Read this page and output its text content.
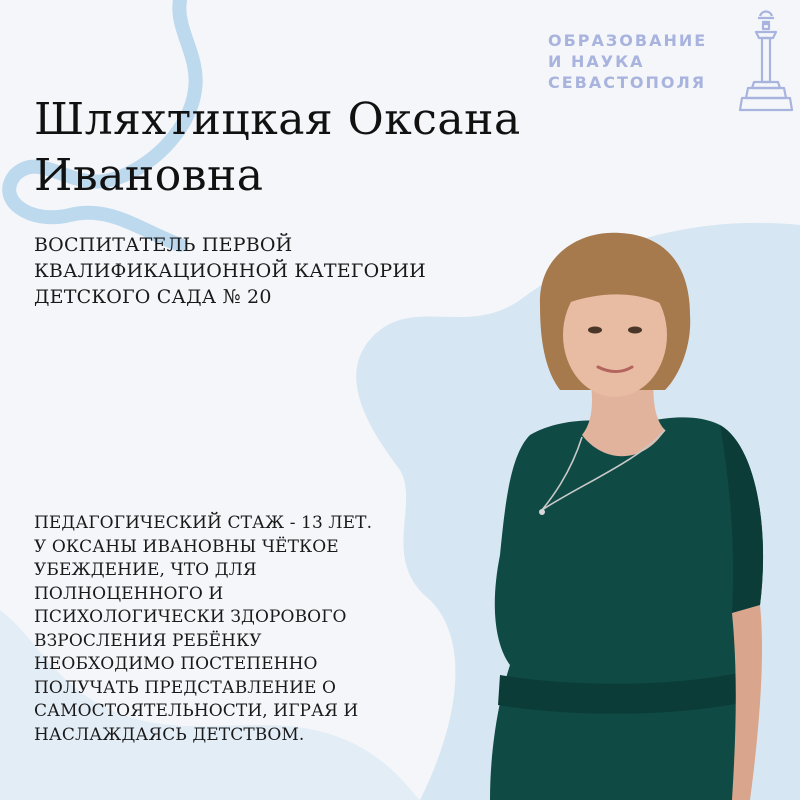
ОБРАЗОВАНИЕ
И НАУКА
СЕВАСТОПОЛЯ
Шляхтицкая Оксана
Ивановна
ВОСПИТАТЕЛЬ ПЕРВОЙ
КВАЛИФИКАЦИОННОЙ КАТЕГОРИИ
ДЕТСКОГО САДА № 20
ПЕДАГОГИЧЕСКИЙ СТАЖ - 13 ЛЕТ.
У ОКСАНЫ ИВАНОВНЫ ЧЁТКОЕ
УБЕЖДЕНИЕ, ЧТО ДЛЯ
ПОЛНОЦЕННОГО И
ПСИХОЛОГИЧЕСКИ ЗДОРОВОГО
ВЗРОСЛЕНИЯ РЕБЁНКУ
НЕОБХОДИМО ПОСТЕПЕННО
ПОЛУЧАТЬ ПРЕДСТАВЛЕНИЕ О
САМОСТОЯТЕЛЬНОСТИ, ИГРАЯ И
НАСЛАЖДАЯСЬ ДЕТСТВОМ.
